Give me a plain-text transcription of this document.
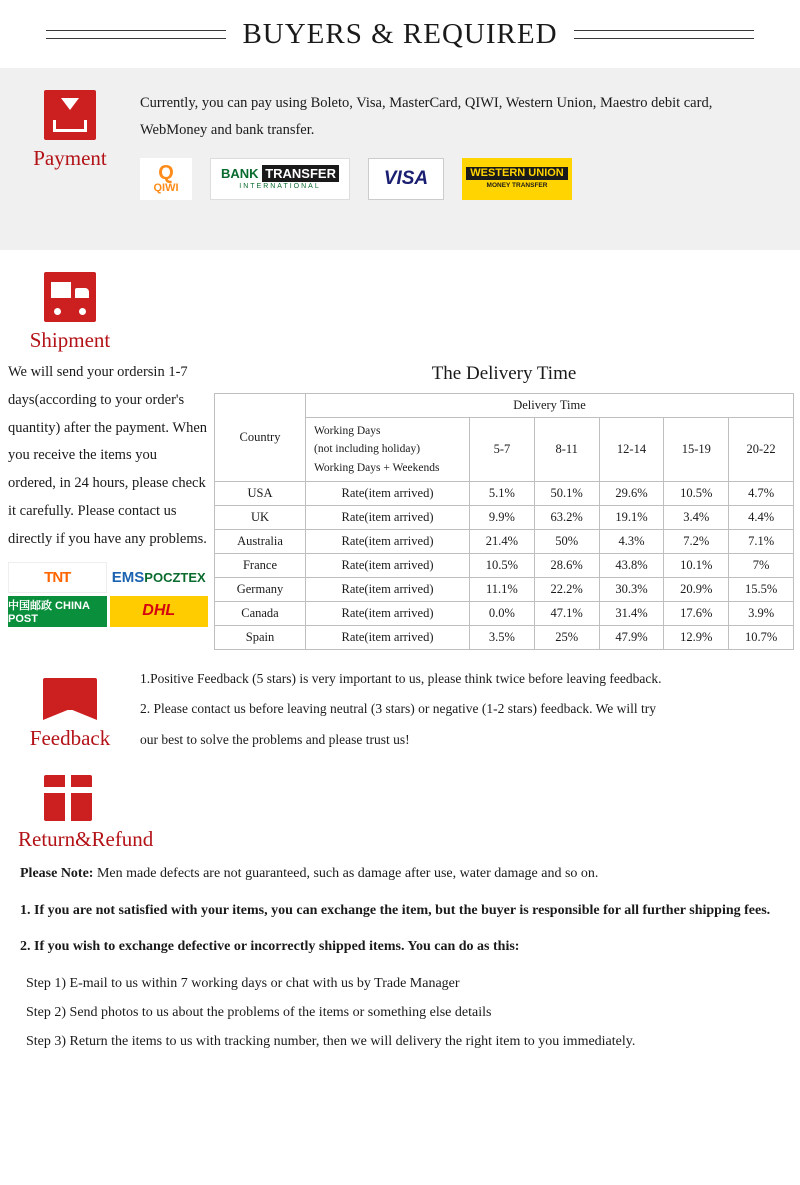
BUYERS & REQUIRED
Payment
Currently, you can pay using Boleto, Visa, MasterCard, QIWI, Western Union, Maestro debit card, WebMoney and bank transfer.
Q
QIWI
BANK TRANSFER
INTERNATIONAL	VISA	WESTERN UNION
MONEY TRANSFER
Shipment
We will send your ordersin 1-7 days(according to your order's quantity) after the payment. When you receive the items you ordered, in 24 hours, please check it carefully. Please contact us directly if you have any problems.
TNT	EMS POCZTEX
中国邮政 CHINA POST	DHL
The Delivery Time
Country	Delivery Time					

	Working Days
(not including holiday)
Working Days + Weekends	5-7	8-11	12-14	15-19	20-22
USA	Rate(item arrived)	5.1%	50.1%	29.6%	10.5%	4.7%
UK	Rate(item arrived)	9.9%	63.2%	19.1%	3.4%	4.4%
Australia	Rate(item arrived)	21.4%	50%	4.3%	7.2%	7.1%
France	Rate(item arrived)	10.5%	28.6%	43.8%	10.1%	7%
Germany	Rate(item arrived)	11.1%	22.2%	30.3%	20.9%	15.5%
Canada	Rate(item arrived)	0.0%	47.1%	31.4%	17.6%	3.9%
Spain	Rate(item arrived)	3.5%	25%	47.9%	12.9%	10.7%
Feedback

1.Positive Feedback (5 stars) is very important to us, please think twice before leaving feedback.

2. Please contact us before leaving neutral (3 stars) or negative (1-2 stars) feedback. We will try

our best to solve the problems and please trust us!

Return&Refund

Please Note: Men made defects are not guaranteed, such as damage after use, water damage and so on.

1. If you are not satisfied with your items, you can exchange the item, but the buyer is responsible for all further shipping fees.

2. If you wish to exchange defective or incorrectly shipped items. You can do as this:

Step 1) E-mail to us within 7 working days or chat with us by Trade Manager

Step 2) Send photos to us about the problems of the items or something else details

Step 3) Return the items to us with tracking number, then we will delivery the right item to you immediately.
